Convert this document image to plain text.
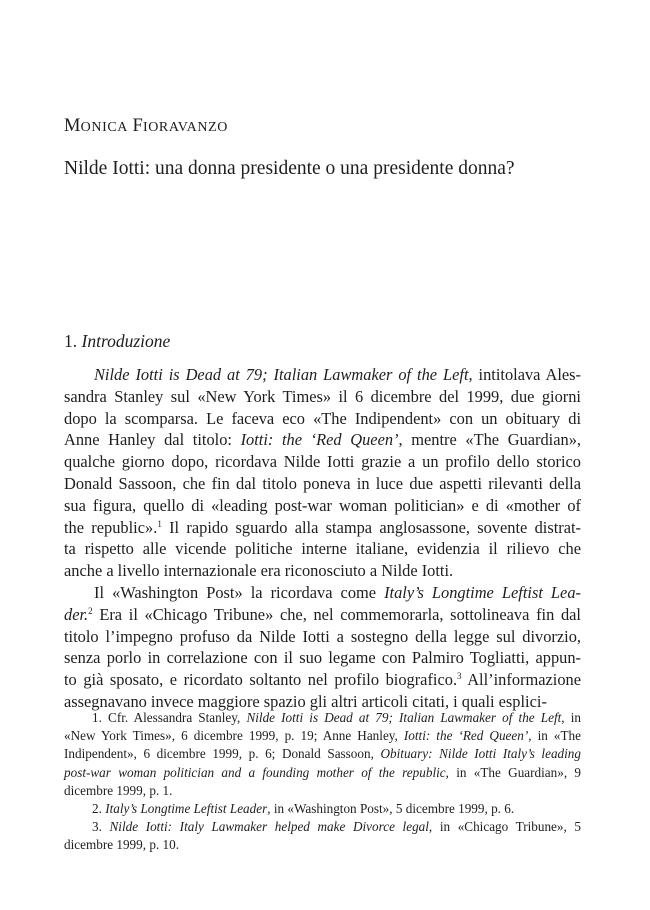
MONICA FIORAVANZO
Nilde Iotti: una donna presidente o una presidente donna?
1. Introduzione
Nilde Iotti is Dead at 79; Italian Lawmaker of the Left, intitolava Ales-
sandra Stanley sul «New York Times» il 6 dicembre del 1999, due giorni
dopo la scomparsa. Le faceva eco «The Indipendent» con un obituary di
Anne Hanley dal titolo: Iotti: the ‘Red Queen’, mentre «The Guardian»,
qualche giorno dopo, ricordava Nilde Iotti grazie a un profilo dello storico
Donald Sassoon, che fin dal titolo poneva in luce due aspetti rilevanti della
sua figura, quello di «leading post-war woman politician» e di «mother of
the republic».$^1$ Il rapido sguardo alla stampa anglosassone, sovente distrat-
ta rispetto alle vicende politiche interne italiane, evidenzia il rilievo che
anche a livello internazionale era riconosciuto a Nilde Iotti.
Il «Washington Post» la ricordava come Italy’s Longtime Leftist Lea-
der.$^2$ Era il «Chicago Tribune» che, nel commemorarla, sottolineava fin dal
titolo l’impegno profuso da Nilde Iotti a sostegno della legge sul divorzio,
senza porlo in correlazione con il suo legame con Palmiro Togliatti, appun-
to già sposato, e ricordato soltanto nel profilo biografico.$^3$ All’informazione
assegnavano invece maggiore spazio gli altri articoli citati, i quali esplici-
1. Cfr. Alessandra Stanley, Nilde Iotti is Dead at 79; Italian Lawmaker of the Left, in
«New York Times», 6 dicembre 1999, p. 19; Anne Hanley, Iotti: the ‘Red Queen’, in «The
Indipendent», 6 dicembre 1999, p. 6; Donald Sassoon, Obituary: Nilde Iotti Italy’s leading
post-war woman politician and a founding mother of the republic, in «The Guardian», 9
dicembre 1999, p. 1.
2. Italy’s Longtime Leftist Leader, in «Washington Post», 5 dicembre 1999, p. 6.
3. Nilde Iotti: Italy Lawmaker helped make Divorce legal, in «Chicago Tribune», 5
dicembre 1999, p. 10.
